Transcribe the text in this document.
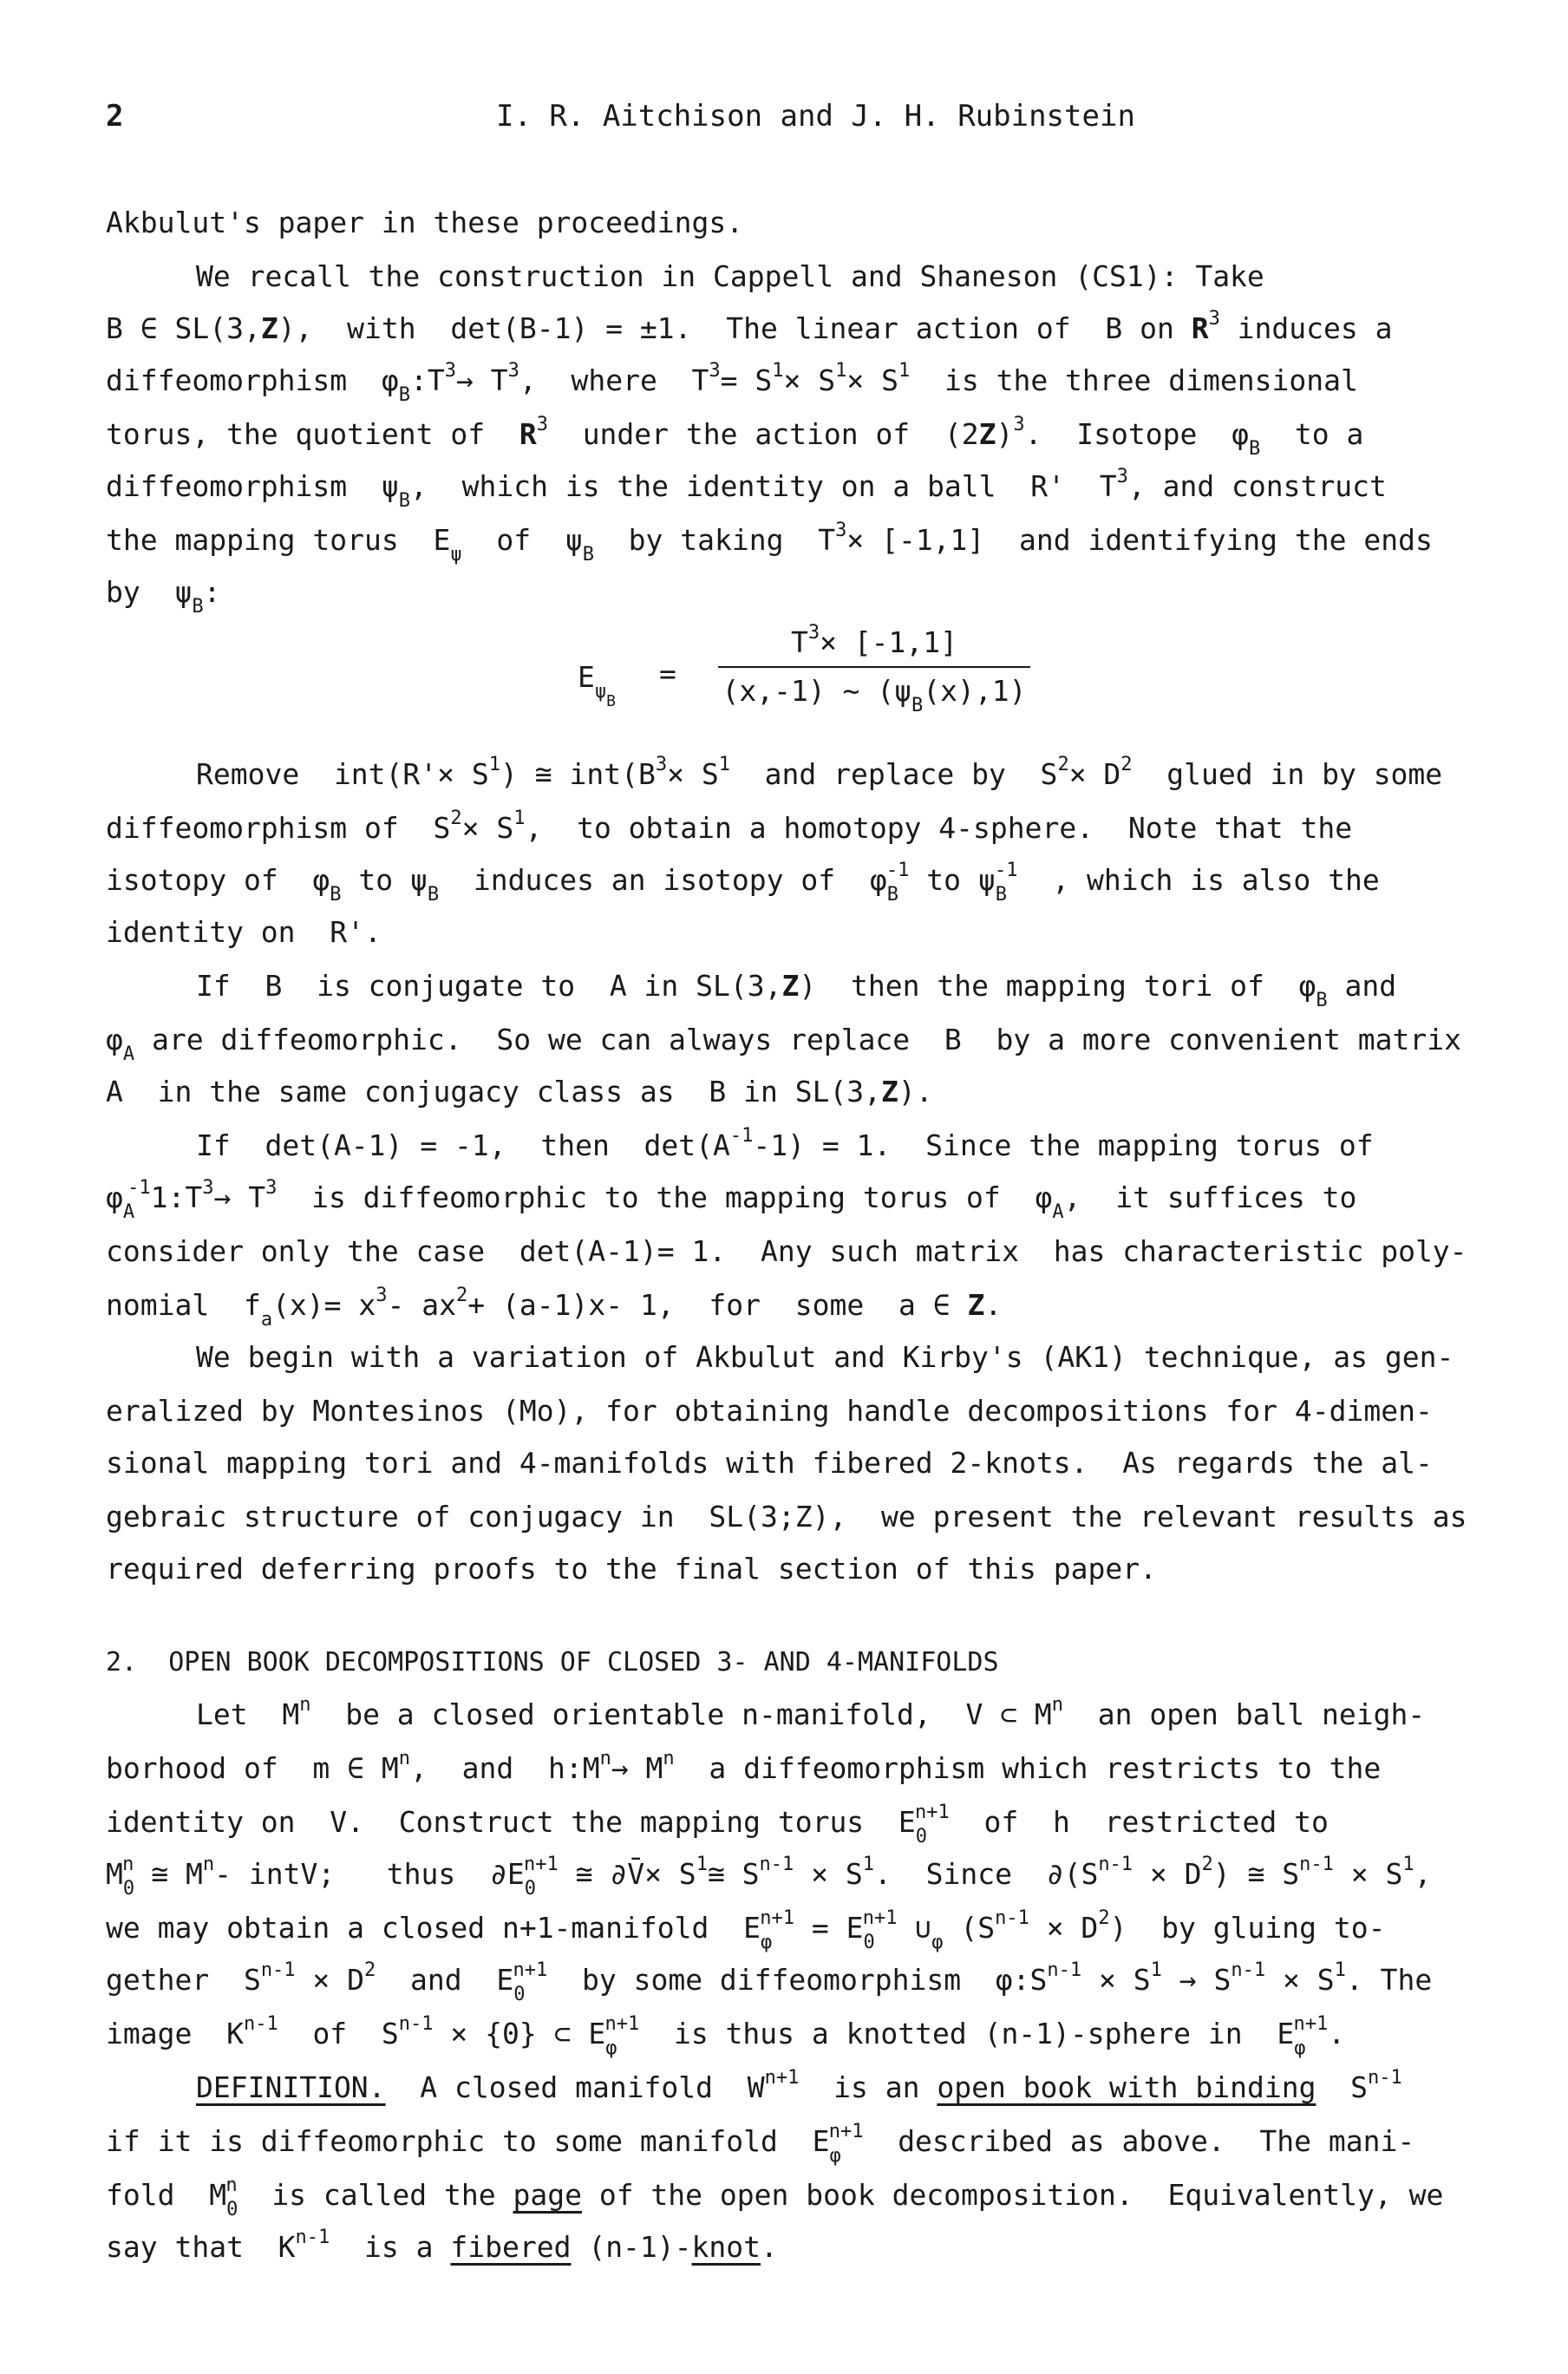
2	I. R. Aitchison and J. H. Rubinstein
Akbulut's paper in these proceedings.
We recall the construction in Cappell and Shaneson (CS1): Take
B ∈ SL(3,Z),  with  det(B-1) = ±1.  The linear action of  B on $R^3$ induces a
diffeomorphism  $\varphi_B:T^3\to T^3$,  where  $T^3= S^1\times S^1\times S^1$  is the three dimensional
torus, the quotient of  $R^3$  under the action of  $(2Z)^3$.  Isotope  $\varphi_B$  to a
diffeomorphism  $\psi_B$,  which is the identity on a ball  R'  $T^3$, and construct
the mapping torus  $E_\psi$  of  $\psi_B$  by taking  $T^3\times [-1,1]$  and identifying the ends
by  $\psi_B$:
$E_{\psi B}$
=
$T^3\times [-1,1]$
(x,-1) ~ $(\psi_B(x),1)$
Remove  $int(R'\times S^1)$ ≅ $int(B^3\times S^1$  and replace by  $S^2\times D^2$  glued in by some
diffeomorphism of  $S^2\times S^1$,  to obtain a homotopy 4-sphere.  Note that the
isotopy of  $\varphi_B$ to $\psi_B$  induces an isotopy of  $\varphi_B^{-1}$ to $\psi_B^{-1}$  , which is also the
identity on  R'.
If  B  is conjugate to  A in SL(3,Z)  then the mapping tori of  $\varphi_B$ and
$\varphi_A$ are diffeomorphic.  So we can always replace  B  by a more convenient matrix
A  in the same conjugacy class as  B in SL(3,Z).
If  det(A-1) = -1,  then  $\det(A^{-1}-1) = 1$.  Since the mapping torus of
$\varphi_A^{-1}1:T^3\to T^3$  is diffeomorphic to the mapping torus of  $\varphi_A$,  it suffices to
consider only the case  det(A-1)= 1.  Any such matrix  has characteristic poly-
nomial  $f_a(x)= x^3-$ $ax^2+ (a-1)x-$ 1,  for  some  a ∈ Z.
We begin with a variation of Akbulut and Kirby's (AK1) technique, as gen-
eralized by Montesinos (Mo), for obtaining handle decompositions for 4-dimen-
sional mapping tori and 4-manifolds with fibered 2-knots.  As regards the al-
gebraic structure of conjugacy in  SL(3;Z),  we present the relevant results as
required deferring proofs to the final section of this paper.
2.  OPEN BOOK DECOMPOSITIONS OF CLOSED 3- AND 4-MANIFOLDS
Let  $M^n$  be a closed orientable n-manifold,  V ⊂ $M^n$  an open ball neigh-
borhood of  m ∈ $M^n$,  and  $h:M^n\to M^n$  a diffeomorphism which restricts to the
identity on  V.  Construct the mapping torus  $E_0^{n+1}$  of  h  restricted to
$M_0^n$ ≅ $M^n-$ intV;   thus  $\partial E_0^{n+1}$ ≅ ∂V̄× $S^1≅$ $S^{n-1} \times S^1$.  Since  $\partial(S^{n-1} \times D^2)$ ≅ $S^{n-1} \times S^1$,
we may obtain a closed n+1-manifold  $E_\varphi^{n+1} = E_0^{n+1}$ $\cup_\varphi$ $(S^{n-1} \times D^2)$  by gluing to-
gether  $S^{n-1} \times D^2$  and  $E_0^{n+1}$  by some diffeomorphism  $\varphi:S^{n-1} \times S^1 \to S^{n-1} \times S^1$. The
image  $K^{n-1}$  of  $S^{n-1} \times \{0\}$ ⊂ $E_\varphi^{n+1}$  is thus a knotted (n-1)-sphere in  $E_\varphi^{n+1}$.
DEFINITION.  A closed manifold  $W^{n+1}$  is an open book with binding  $S^{n-1}$
if it is diffeomorphic to some manifold  $E_\varphi^{n+1}$  described as above.  The mani-
fold  $M_0^n$  is called the page of the open book decomposition.  Equivalently, we
say that  $K^{n-1}$  is a fibered (n-1)-knot.
